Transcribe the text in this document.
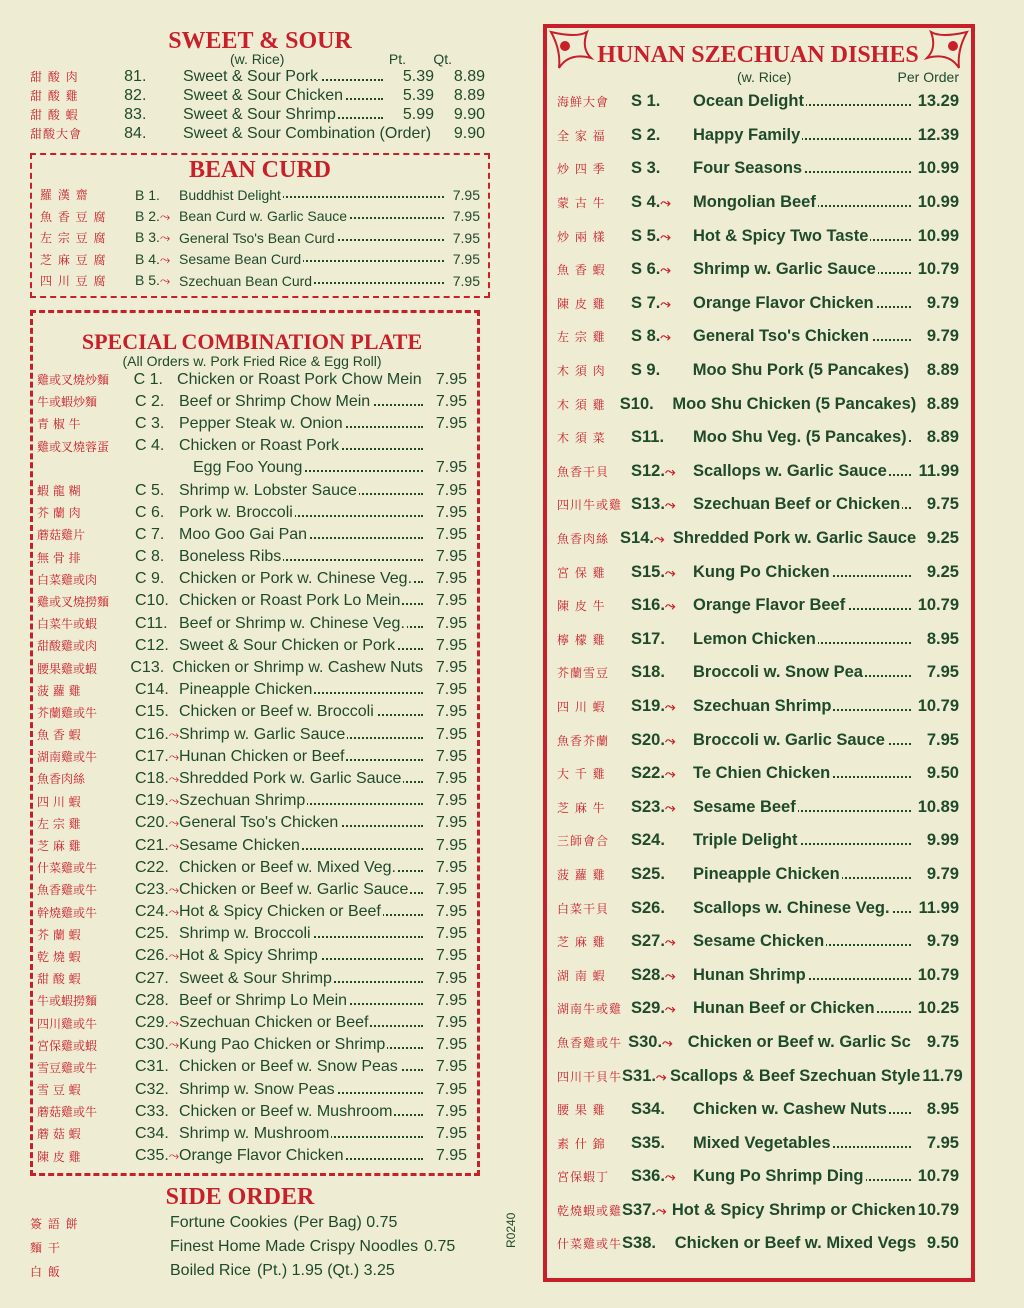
SWEET & SOUR
(w. Rice)	Pt.	Qt.
甜 酸 肉	81.	Sweet & Sour Pork	5.39	8.89
甜 酸 雞	82.	Sweet & Sour Chicken	5.39	8.89
甜 酸 蝦	83.	Sweet & Sour Shrimp	5.99	9.90
甜酸大會	84.	Sweet & Sour Combination (Order)	9.90
BEAN CURD
羅 漢 齋	B 1.	Buddhist Delight	7.95
魚 香 豆 腐	B 2.⤳ Bean Curd w. Garlic Sauce	7.95
左 宗 豆 腐	B 3.⤳ General Tso's Bean Curd	7.95
芝 麻 豆 腐	B 4.⤳ Sesame Bean Curd	7.95
四 川 豆 腐	B 5.⤳ Szechuan Bean Curd	7.95
SPECIAL COMBINATION PLATE
(All Orders w. Pork Fried Rice & Egg Roll)
雞或叉燒炒麵	C 1. Chicken or Roast Pork Chow Mein 7.95
牛或蝦炒麵	C 2. Beef or Shrimp Chow Mein	7.95
青 椒 牛	C 3. Pepper Steak w. Onion	7.95
雞或叉燒蓉蛋	C 4. Chicken or Roast Pork
Egg Foo Young	7.95
蝦 龍 糊	C 5. Shrimp w. Lobster Sauce	7.95
芥 蘭 肉	C 6. Pork w. Broccoli	7.95
蘑菇雞片	C 7. Moo Goo Gai Pan	7.95
無 骨 排	C 8. Boneless Ribs	7.95
白菜雞或肉	C 9. Chicken or Pork w. Chinese Veg.	7.95
雞或叉燒撈麵	C10. Chicken or Roast Pork Lo Mein	7.95
白菜牛或蝦	C11. Beef or Shrimp w. Chinese Veg.	7.95
甜酸雞或肉	C12. Sweet & Sour Chicken or Pork	7.95
腰果雞或蝦	C13. Chicken or Shrimp w. Cashew Nuts 7.95
菠 蘿 雞	C14. Pineapple Chicken	7.95
芥蘭雞或牛	C15. Chicken or Beef w. Broccoli	7.95
魚 香 蝦	C16.⤳ Shrimp w. Garlic Sauce	7.95
湖南雞或牛	C17.⤳ Hunan Chicken or Beef	7.95
魚香肉絲	C18.⤳ Shredded Pork w. Garlic Sauce	7.95
四 川 蝦	C19.⤳ Szechuan Shrimp	7.95
左 宗 雞	C20.⤳ General Tso's Chicken	7.95
芝 麻 雞	C21.⤳ Sesame Chicken	7.95
什菜雞或牛	C22. Chicken or Beef w. Mixed Veg.	7.95
魚香雞或牛	C23.⤳ Chicken or Beef w. Garlic Sauce	7.95
幹燒雞或牛	C24.⤳ Hot & Spicy Chicken or Beef	7.95
芥 蘭 蝦	C25. Shrimp w. Broccoli	7.95
乾 燒 蝦	C26.⤳ Hot & Spicy Shrimp	7.95
甜 酸 蝦	C27. Sweet & Sour Shrimp	7.95
牛或蝦撈麵	C28. Beef or Shrimp Lo Mein	7.95
四川雞或牛	C29.⤳ Szechuan Chicken or Beef	7.95
宮保雞或蝦	C30.⤳ Kung Pao Chicken or Shrimp	7.95
雪豆雞或牛	C31. Chicken or Beef w. Snow Peas	7.95
雪 豆 蝦	C32. Shrimp w. Snow Peas	7.95
蘑菇雞或牛	C33. Chicken or Beef w. Mushroom	7.95
蘑 菇 蝦	C34. Shrimp w. Mushroom	7.95
陳 皮 雞	C35.⤳ Orange Flavor Chicken	7.95
SIDE ORDER
簽 語 餅	Fortune Cookies (Per Bag) 0.75
麵 干	Finest Home Made Crispy Noodles 0.75
白 飯	Boiled Rice (Pt.) 1.95 (Qt.) 3.25
R0240
HUNAN SZECHUAN DISHES
(w. Rice)	Per Order
海鮮大會	S 1.	Ocean Delight	13.29
全 家 福	S 2.	Happy Family	12.39
炒 四 季	S 3.	Four Seasons	10.99
蒙 古 牛	S 4.⤳	Mongolian Beef	10.99
炒 兩 樣	S 5.⤳	Hot & Spicy Two Taste	10.99
魚 香 蝦	S 6.⤳	Shrimp w. Garlic Sauce	10.79
陳 皮 雞	S 7.⤳	Orange Flavor Chicken	9.79
左 宗 雞	S 8.⤳	General Tso's Chicken	9.79
木 須 肉	S 9.	Moo Shu Pork (5 Pancakes)	8.89
木 須 雞 S10.	Moo Shu Chicken (5 Pancakes) 8.89
木 須 菜	S11.	Moo Shu Veg. (5 Pancakes)	8.89
魚香干貝	S12.⤳	Scallops w. Garlic Sauce	11.99
四川牛或雞 S13.⤳	Szechuan Beef or Chicken	9.75
魚香肉絲 S14.⤳ Shredded Pork w. Garlic Sauce 9.25
宮 保 雞	S15.⤳	Kung Po Chicken	9.25
陳 皮 牛	S16.⤳	Orange Flavor Beef	10.79
檸 檬 雞	S17.	Lemon Chicken	8.95
芥蘭雪豆	S18.	Broccoli w. Snow Pea	7.95
四 川 蝦	S19.⤳	Szechuan Shrimp	10.79
魚香芥蘭	S20.⤳	Broccoli w. Garlic Sauce	7.95
大 千 雞	S22.⤳	Te Chien Chicken	9.50
芝 麻 牛	S23.⤳	Sesame Beef	10.89
三師會合	S24.	Triple Delight	9.99
菠 蘿 雞	S25.	Pineapple Chicken	9.79
白菜干貝	S26.	Scallops w. Chinese Veg.	11.99
芝 麻 雞	S27.⤳	Sesame Chicken	9.79
湖 南 蝦	S28.⤳	Hunan Shrimp	10.79
湖南牛或雞 S29.⤳	Hunan Beef or Chicken	10.25
魚香雞或牛 S30.⤳ Chicken or Beef w. Garlic Sc 9.75
四川干貝牛 S31.⤳ Scallops & Beef Szechuan Style 11.79
腰 果 雞	S34.	Chicken w. Cashew Nuts	8.95
素 什 錦	S35.	Mixed Vegetables	7.95
宮保蝦丁	S36.⤳	Kung Po Shrimp Ding	10.79
乾燒蝦或雞 S37.⤳ Hot & Spicy Shrimp or Chicken 10.79
什菜雞或牛 S38.	Chicken or Beef w. Mixed Vegs 9.50
